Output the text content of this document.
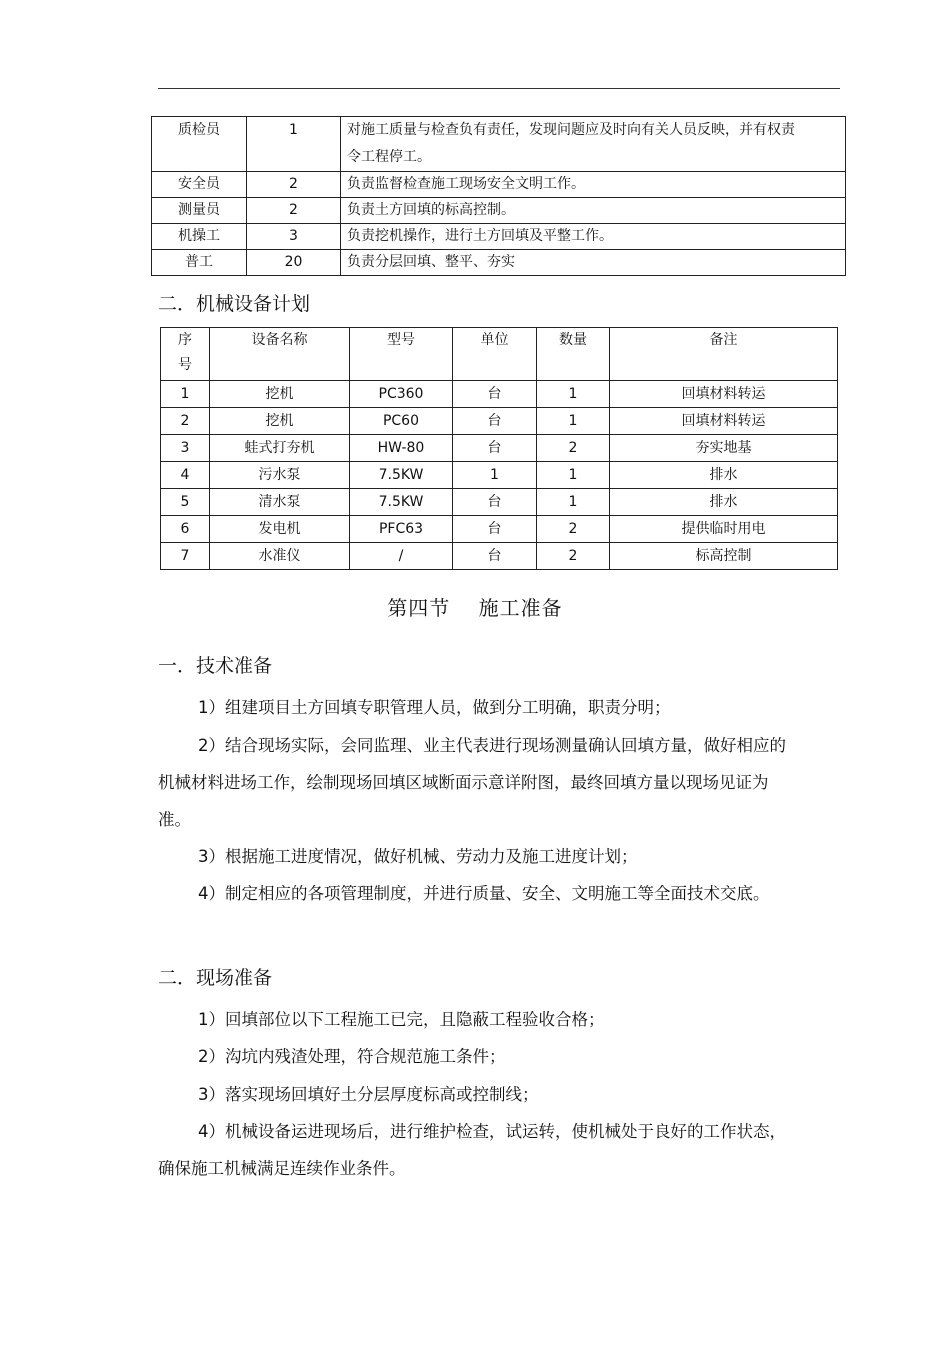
质检员	1	对施工质量与检查负有责任，发现问题应及时向有关人员反映，并有权责令工程停工。
安全员	2	负责监督检查施工现场安全文明工作。
测量员	2	负责土方回填的标高控制。
机操工	3	负责挖机操作，进行土方回填及平整工作。
普工	20	负责分层回填、整平、夯实
二．机械设备计划
序号	设备名称	型号	单位	数量	备注
1	挖机	PC360	台	1	回填材料转运
2	挖机	PC60	台	1	回填材料转运
3	蛙式打夯机	HW-80	台	2	夯实地基
4	污水泵	7.5KW	1	1	排水
5	清水泵	7.5KW	台	1	排水
6	发电机	PFC63	台	2	提供临时用电
7	水准仪	/	台	2	标高控制
第四节　 施工准备
一．技术准备

1）组建项目土方回填专职管理人员，做到分工明确，职责分明；

2）结合现场实际，会同监理、业主代表进行现场测量确认回填方量，做好相应的机械材料进场工作，绘制现场回填区域断面示意详附图，最终回填方量以现场见证为准。

3）根据施工进度情况，做好机械、劳动力及施工进度计划；

4）制定相应的各项管理制度，并进行质量、安全、文明施工等全面技术交底。

二．现场准备

1）回填部位以下工程施工已完，且隐蔽工程验收合格；

2）沟坑内残渣处理，符合规范施工条件；

3）落实现场回填好土分层厚度标高或控制线；

4）机械设备运进现场后，进行维护检查，试运转，使机械处于良好的工作状态，确保施工机械满足连续作业条件。
